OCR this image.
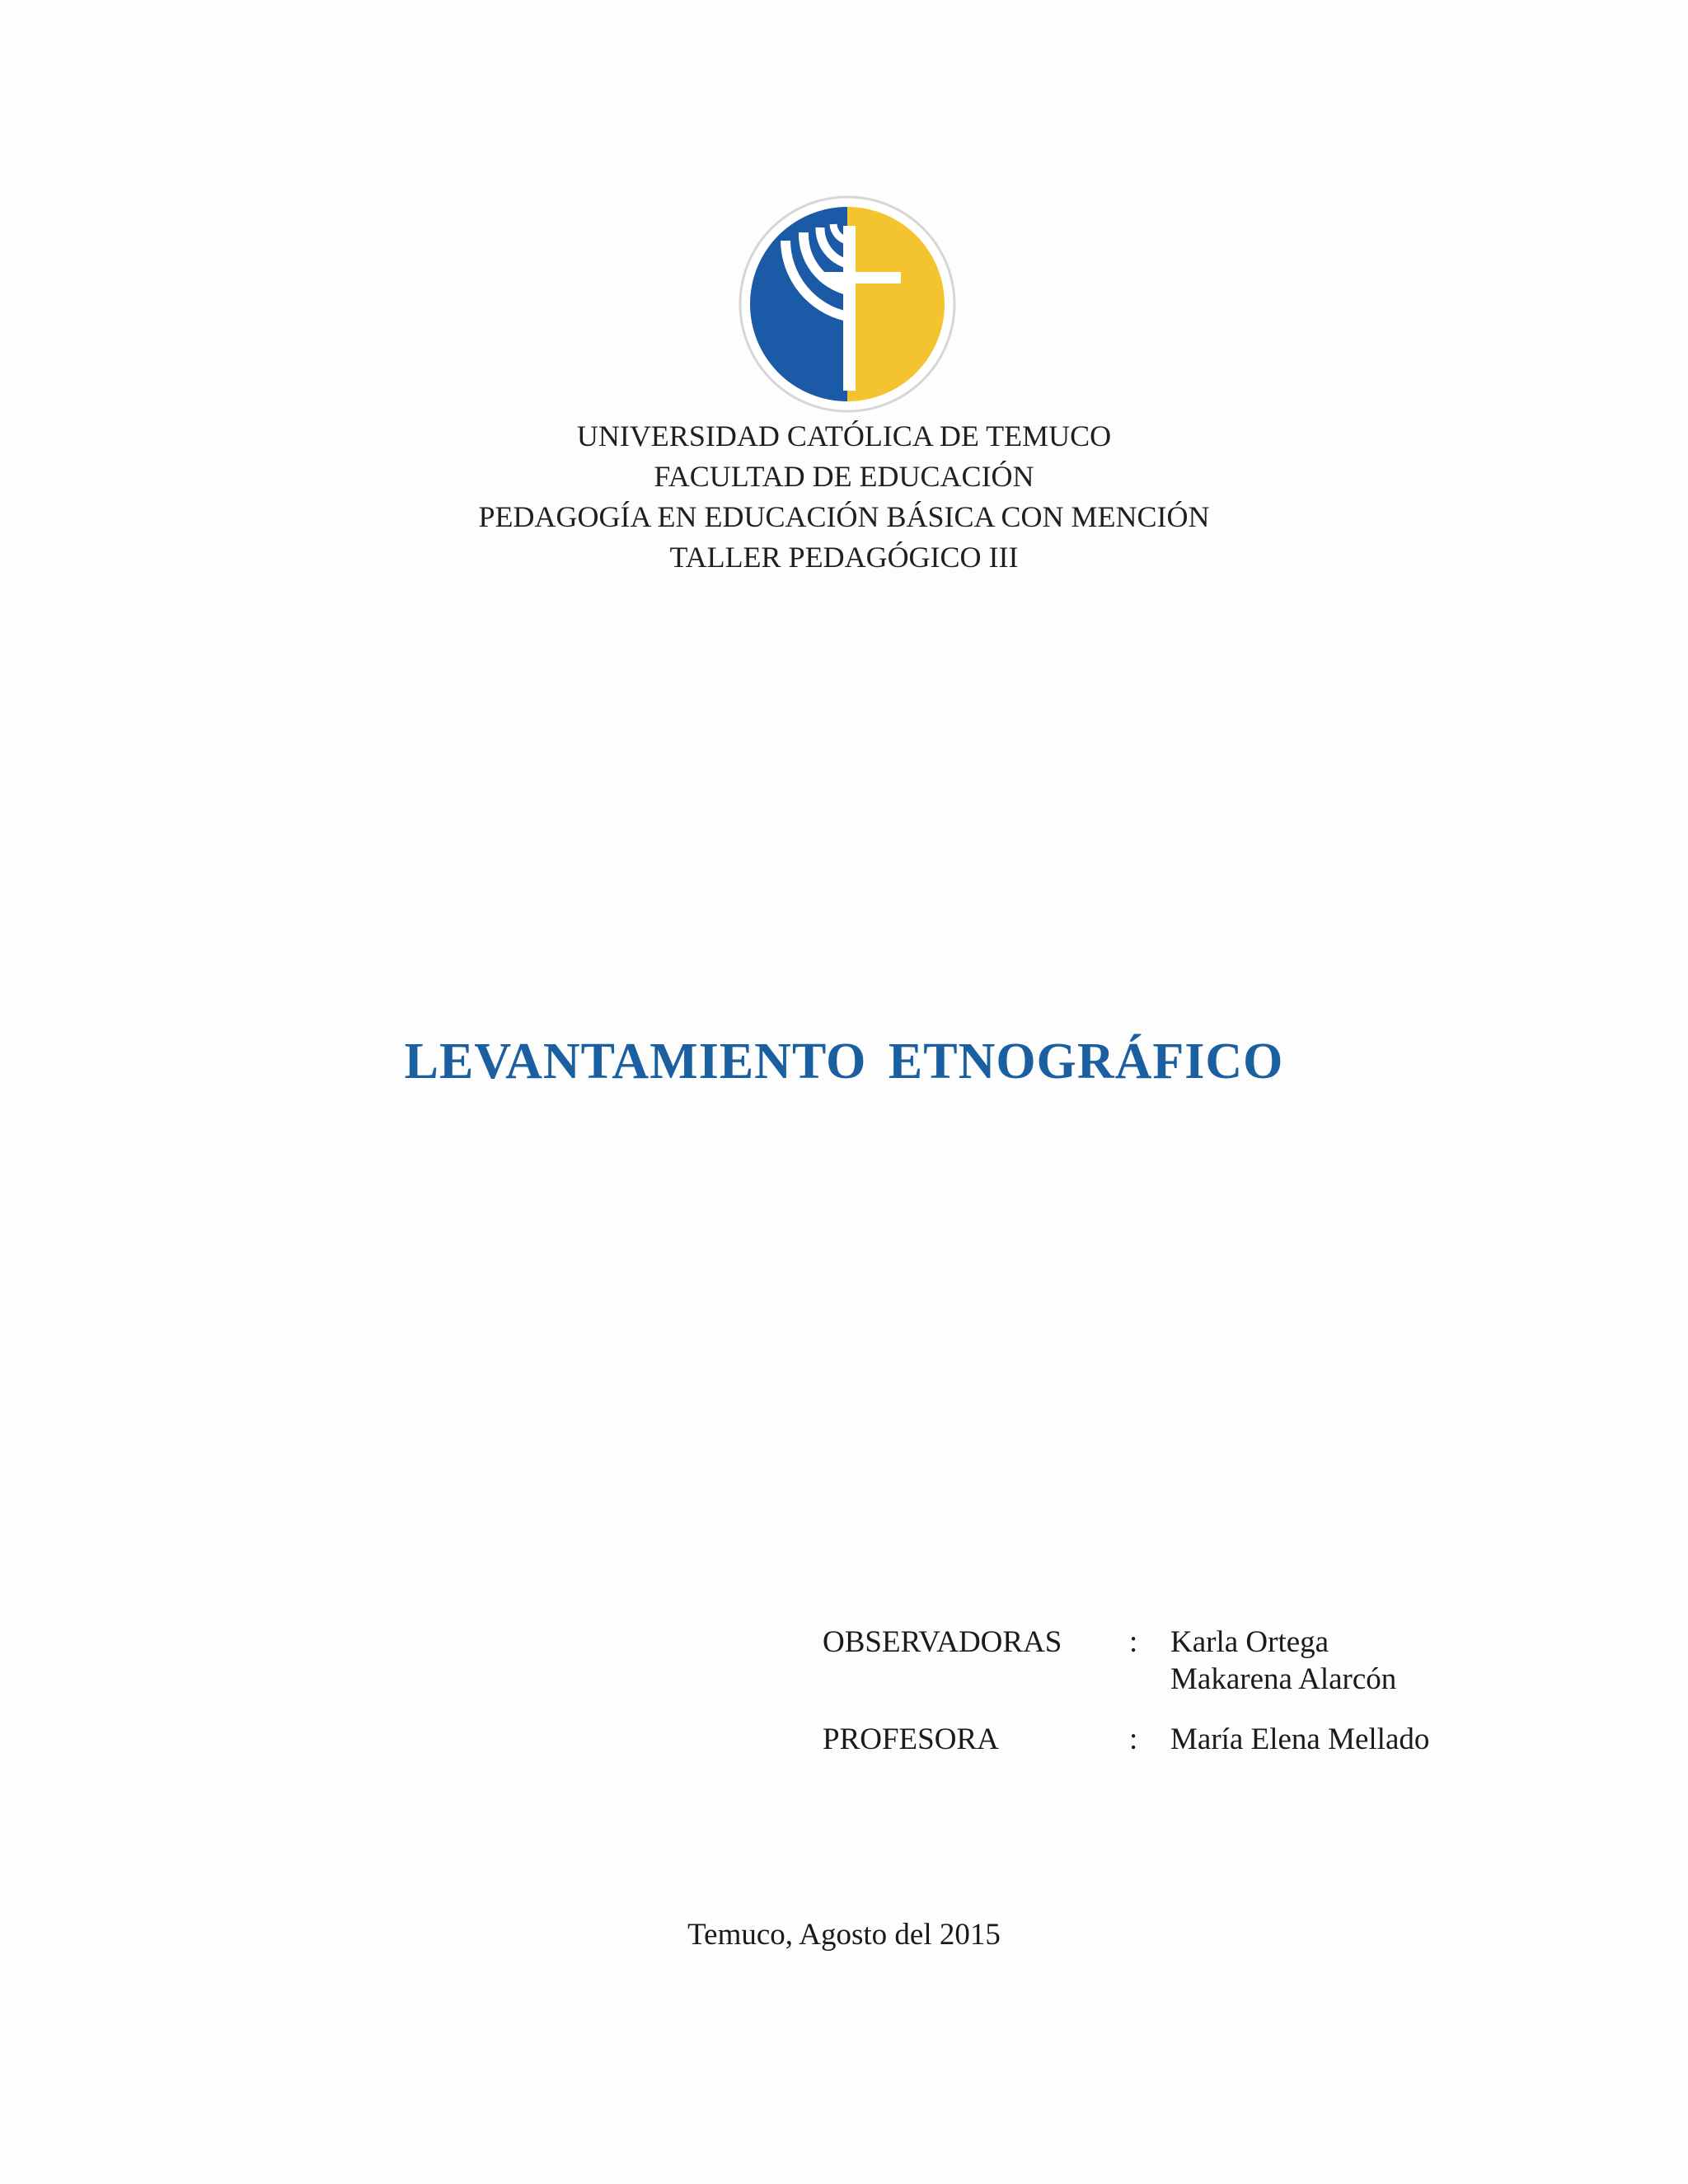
UNIVERSIDAD CATÓLICA DE TEMUCO
FACULTAD DE EDUCACIÓN
PEDAGOGÍA EN EDUCACIÓN BÁSICA CON MENCIÓN
TALLER PEDAGÓGICO III
LEVANTAMIENTO ETNOGRÁFICO
OBSERVADORAS : Karla Ortega
Makarena Alarcón
PROFESORA	: María Elena Mellado
Temuco, Agosto del 2015
